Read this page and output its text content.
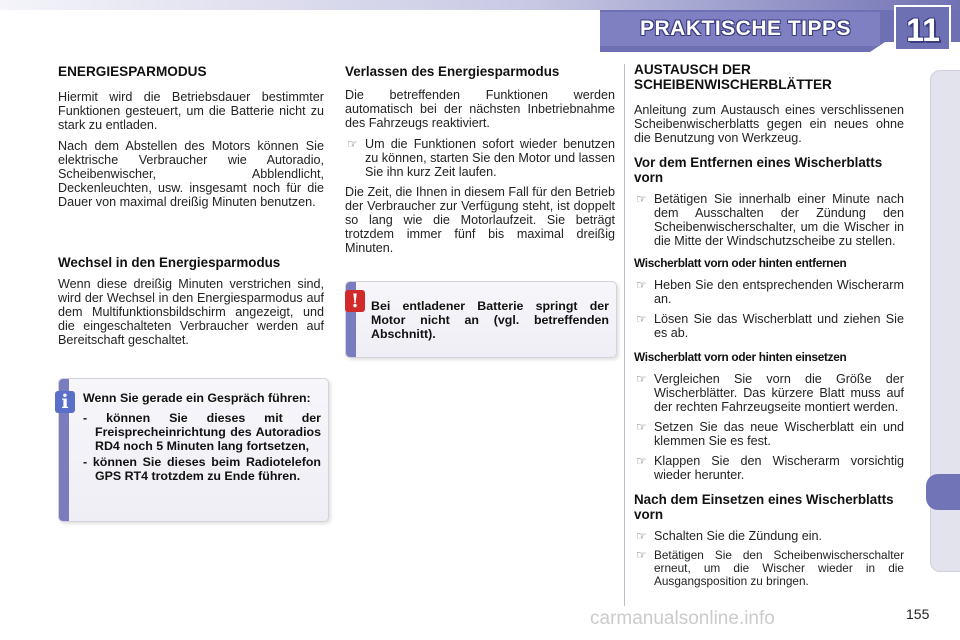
PRAKTISCHE TIPPS 11
ENERGIESPARMODUS

Hiermit wird die Betriebsdauer bestimmter Funktionen gesteuert, um die Batterie nicht zu stark zu entladen.

Nach dem Abstellen des Motors können Sie elektrische Verbraucher wie Autoradio, Scheibenwischer, Abblendlicht, Deckenleuchten, usw. insgesamt noch für die Dauer von maximal dreißig Minuten benutzen.

Wechsel in den Energiesparmodus

Wenn diese dreißig Minuten verstrichen sind, wird der Wechsel in den Energiesparmodus auf dem Multifunktionsbildschirm angezeigt, und die eingeschalteten Verbraucher werden auf Bereitschaft geschaltet.

i	Wenn Sie gerade ein Gespräch führen:
- können Sie dieses mit der Freisprecheinrichtung des Autoradios RD4 noch 5 Minuten lang fortsetzen,
- können Sie dieses beim Radiotelefon GPS RT4 trotzdem zu Ende führen.
Verlassen des Energiesparmodus

Die betreffenden Funktionen werden automatisch bei der nächsten Inbetriebnahme des Fahrzeugs reaktiviert.

☞ Um die Funktionen sofort wieder benutzen zu können, starten Sie den Motor und lassen Sie ihn kurz Zeit laufen.

Die Zeit, die Ihnen in diesem Fall für den Betrieb der Verbraucher zur Verfügung steht, ist doppelt so lang wie die Motorlaufzeit. Sie beträgt trotzdem immer fünf bis maximal dreißig Minuten.

! Bei entladener Batterie springt der Motor nicht an (vgl. betreffenden Abschnitt).
AUSTAUSCH DER SCHEIBENWISCHERBLÄTTER

Anleitung zum Austausch eines verschlissenen Scheibenwischerblatts gegen ein neues ohne die Benutzung von Werkzeug.

Vor dem Entfernen eines Wischerblatts vorn
☞ Betätigen Sie innerhalb einer Minute nach dem Ausschalten der Zündung den Scheibenwischerschalter, um die Wischer in die Mitte der Windschutzscheibe zu stellen.
Wischerblatt vorn oder hinten entfernen
☞ Heben Sie den entsprechenden Wischerarm an.
☞ Lösen Sie das Wischerblatt und ziehen Sie es ab.
Wischerblatt vorn oder hinten einsetzen
☞ Vergleichen Sie vorn die Größe der Wischerblätter. Das kürzere Blatt muss auf der rechten Fahrzeugseite montiert werden.
☞ Setzen Sie das neue Wischerblatt ein und klemmen Sie es fest.
☞ Klappen Sie den Wischerarm vorsichtig wieder herunter.
Nach dem Einsetzen eines Wischerblatts vorn
☞ Schalten Sie die Zündung ein.
☞ Betätigen Sie den Scheibenwischerschalter erneut, um die Wischer wieder in die Ausgangsposition zu bringen.
155
carmanualsonline.info
